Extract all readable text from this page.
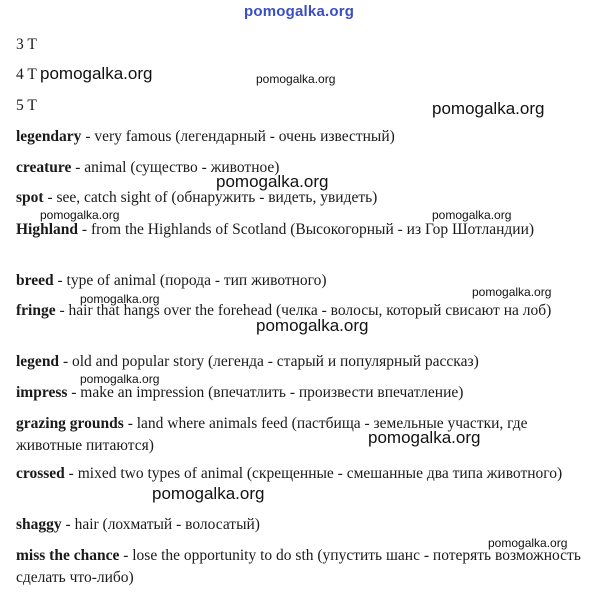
pomogalka.org
3 T
4 T
5 T
legendary - very famous (легендарный - очень известный)
creature - animal (существо - животное)
spot - see, catch sight of (обнаружить - видеть, увидеть)
Highland - from the Highlands of Scotland (Высокогорный - из Гор Шотландии)
breed - type of animal (порода - тип животного)
fringe - hair that hangs over the forehead (челка - волосы, который свисают на лоб)
legend - old and popular story (легенда - старый и популярный рассказ)
impress - make an impression (впечатлить - произвести впечатление)
grazing grounds - land where animals feed (пастбища - земельные участки, где животные питаются)
crossed - mixed two types of animal (скрещенные - смешанные два типа животного)
shaggy - hair (лохматый - волосатый)
miss the chance - lose the opportunity to do sth (упустить шанс - потерять возможность сделать что-либо)
pomogalka.org	pomogalka.org
pomogalka.org
pomogalka.org
pomogalka.org	pomogalka.org
pomogalka.org
pomogalka.org
pomogalka.org
pomogalka.org
pomogalka.org
pomogalka.org
pomogalka.org
